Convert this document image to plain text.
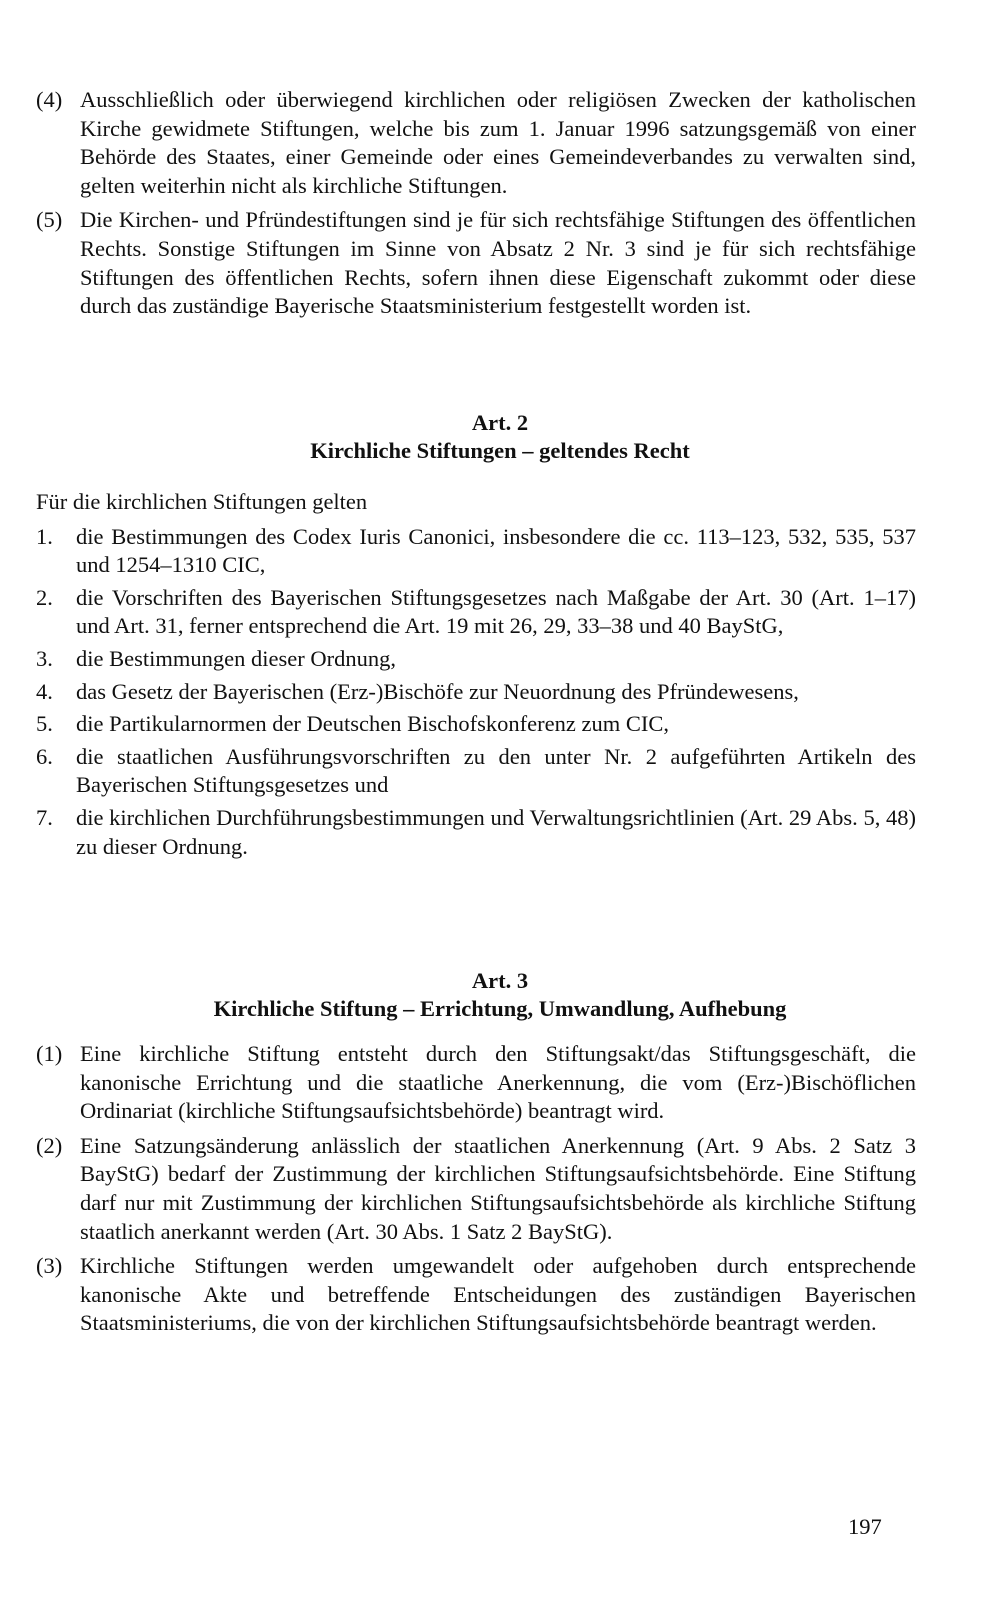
(4) Ausschließlich oder überwiegend kirchlichen oder religiösen Zwecken der katholischen Kirche gewidmete Stiftungen, welche bis zum 1. Januar 1996 satzungsgemäß von einer Behörde des Staates, einer Gemeinde oder eines Gemeindeverbandes zu verwalten sind, gelten weiterhin nicht als kirchliche Stiftungen.
(5) Die Kirchen- und Pfründestiftungen sind je für sich rechtsfähige Stiftungen des öffentlichen Rechts. Sonstige Stiftungen im Sinne von Absatz 2 Nr. 3 sind je für sich rechtsfähige Stiftungen des öffentlichen Rechts, sofern ihnen diese Eigenschaft zukommt oder diese durch das zuständige Bayerische Staatsministerium festgestellt worden ist.
Art. 2
Kirchliche Stiftungen – geltendes Recht
Für die kirchlichen Stiftungen gelten
1.	die Bestimmungen des Codex Iuris Canonici, insbesondere die cc. 113–123, 532, 535, 537 und 1254–1310 CIC,
2.	die Vorschriften des Bayerischen Stiftungsgesetzes nach Maßgabe der Art. 30 (Art. 1–17) und Art. 31, ferner entsprechend die Art. 19 mit 26, 29, 33–38 und 40 BayStG,
3.	die Bestimmungen dieser Ordnung,
4.	das Gesetz der Bayerischen (Erz-)Bischöfe zur Neuordnung des Pfründewesens,
5.	die Partikularnormen der Deutschen Bischofskonferenz zum CIC,
6.	die staatlichen Ausführungsvorschriften zu den unter Nr. 2 aufgeführten Artikeln des Bayerischen Stiftungsgesetzes und
7.	die kirchlichen Durchführungsbestimmungen und Verwaltungsrichtlinien (Art. 29 Abs. 5, 48) zu dieser Ordnung.
Art. 3
Kirchliche Stiftung – Errichtung, Umwandlung, Aufhebung
(1) Eine kirchliche Stiftung entsteht durch den Stiftungsakt/das Stiftungsgeschäft, die kanonische Errichtung und die staatliche Anerkennung, die vom (Erz-)Bischöflichen Ordinariat (kirchliche Stiftungsaufsichtsbehörde) beantragt wird.
(2) Eine Satzungsänderung anlässlich der staatlichen Anerkennung (Art. 9 Abs. 2 Satz 3 BayStG) bedarf der Zustimmung der kirchlichen Stiftungsaufsichtsbehörde. Eine Stiftung darf nur mit Zustimmung der kirchlichen Stiftungsaufsichtsbehörde als kirchliche Stiftung staatlich anerkannt werden (Art. 30 Abs. 1 Satz 2 BayStG).
(3) Kirchliche Stiftungen werden umgewandelt oder aufgehoben durch entsprechende kanonische Akte und betreffende Entscheidungen des zuständigen Bayerischen Staatsministeriums, die von der kirchlichen Stiftungsaufsichtsbehörde beantragt werden.
197
